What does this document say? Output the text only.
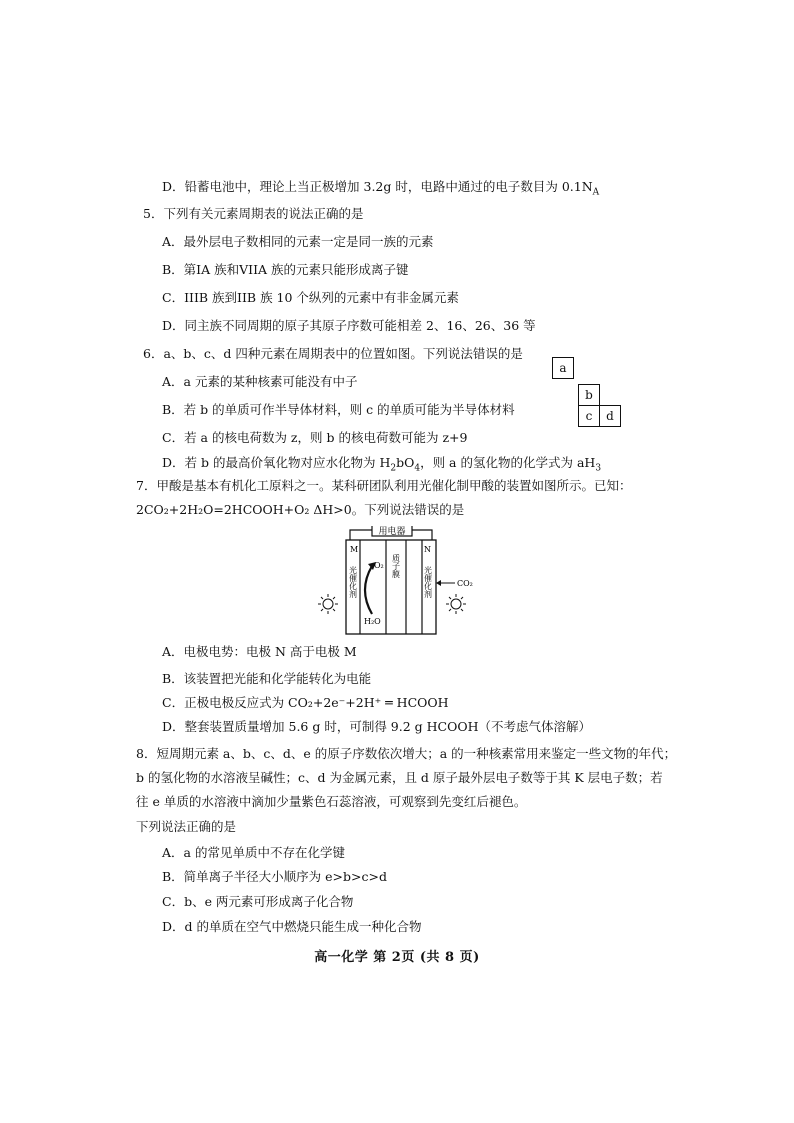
D．铅蓄电池中，理论上当正极增加 3.2g 时，电路中通过的电子数目为 $0.1N_A$
5．下列有关元素周期表的说法正确的是
A．最外层电子数相同的元素一定是同一族的元素
B．第IA 族和VIIA 族的元素只能形成离子键
C．IIIB 族到IIB 族 10 个纵列的元素中有非金属元素
D．同主族不同周期的原子其原子序数可能相差 2、16、26、36 等
6．a、b、c、d 四种元素在周期表中的位置如图。下列说法错误的是
A．a 元素的某种核素可能没有中子
B．若 b 的单质可作半导体材料，则 c 的单质可能为半导体材料
C．若 a 的核电荷数为 z，则 b 的核电荷数可能为 z+9
D．若 b 的最高价氧化物对应水化物为 $H_2bO_4$，则 a 的氢化物的化学式为 $aH_3$
a
b
c	d
7．甲酸是基本有机化工原料之一。某科研团队利用光催化制甲酸的装置如图所示。已知：
2CO₂+2H₂O=2HCOOH+O₂ ΔH>0。下列说法错误的是
用电器
M	N
光催化剂	光催化剂
质子膜
O₂
H₂O
CO₂
A．电极电势：电极 N 高于电极 M
B．该装置把光能和化学能转化为电能
C．正极电极反应式为 CO₂+2e⁻+2H⁺ ═ HCOOH
D．整套装置质量增加 5.6 g 时，可制得 9.2 g HCOOH（不考虑气体溶解）
8．短周期元素 a、b、c、d、e 的原子序数依次增大；a 的一种核素常用来鉴定一些文物的年代；
b 的氢化物的水溶液呈碱性；c、d 为金属元素，且 d 原子最外层电子数等于其 K 层电子数；若
往 e 单质的水溶液中滴加少量紫色石蕊溶液，可观察到先变红后褪色。
下列说法正确的是
A．a 的常见单质中不存在化学键
B．简单离子半径大小顺序为 e>b>c>d
C．b、e 两元素可形成离子化合物
D．d 的单质在空气中燃烧只能生成一种化合物
高一化学 第 2页 (共 8 页)
